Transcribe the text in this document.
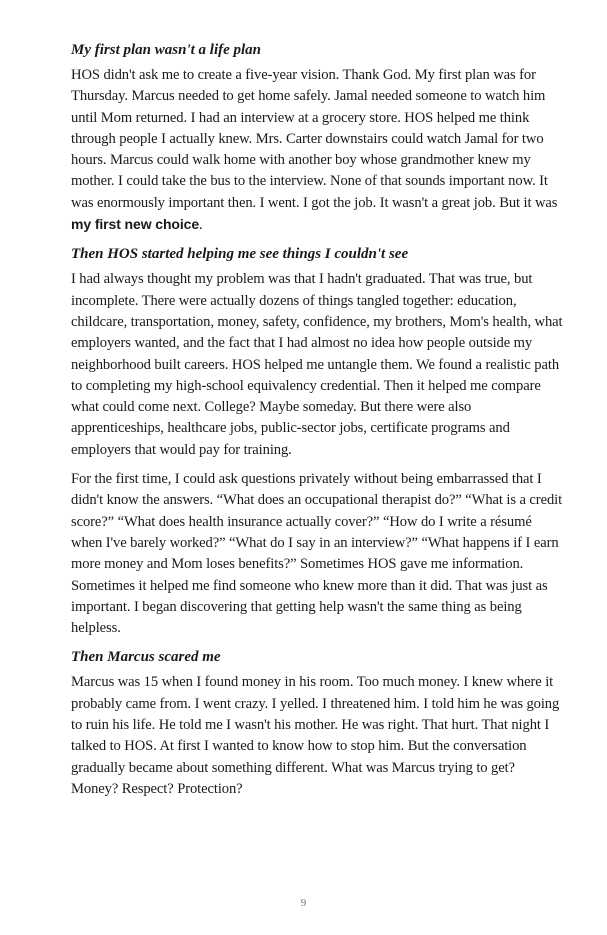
My first plan wasn't a life plan

HOS didn't ask me to create a five-year vision. Thank God. My first plan was for Thursday. Marcus needed to get home safely. Jamal needed someone to watch him until Mom returned. I had an interview at a grocery store. HOS helped me think through people I actually knew. Mrs. Carter downstairs could watch Jamal for two hours. Marcus could walk home with another boy whose grandmother knew my mother. I could take the bus to the interview. None of that sounds important now. It was enormously important then. I went. I got the job. It wasn't a great job. But it was my first new choice.

Then HOS started helping me see things I couldn't see

I had always thought my problem was that I hadn't graduated. That was true, but incomplete. There were actually dozens of things tangled together: education, childcare, transportation, money, safety, confidence, my brothers, Mom's health, what employers wanted, and the fact that I had almost no idea how people outside my neighborhood built careers. HOS helped me untangle them. We found a realistic path to completing my high-school equivalency credential. Then it helped me compare what could come next. College? Maybe someday. But there were also apprenticeships, healthcare jobs, public-sector jobs, certificate programs and employers that would pay for training.

For the first time, I could ask questions privately without being embarrassed that I didn't know the answers. “What does an occupational therapist do?” “What is a credit score?” “What does health insurance actually cover?” “How do I write a résumé when I've barely worked?” “What do I say in an interview?” “What happens if I earn more money and Mom loses benefits?” Sometimes HOS gave me information. Sometimes it helped me find someone who knew more than it did. That was just as important. I began discovering that getting help wasn't the same thing as being helpless.

Then Marcus scared me

Marcus was 15 when I found money in his room. Too much money. I knew where it probably came from. I went crazy. I yelled. I threatened him. I told him he was going to ruin his life. He told me I wasn't his mother. He was right. That hurt. That night I talked to HOS. At first I wanted to know how to stop him. But the conversation gradually became about something different. What was Marcus trying to get? Money? Respect? Protection?

9
